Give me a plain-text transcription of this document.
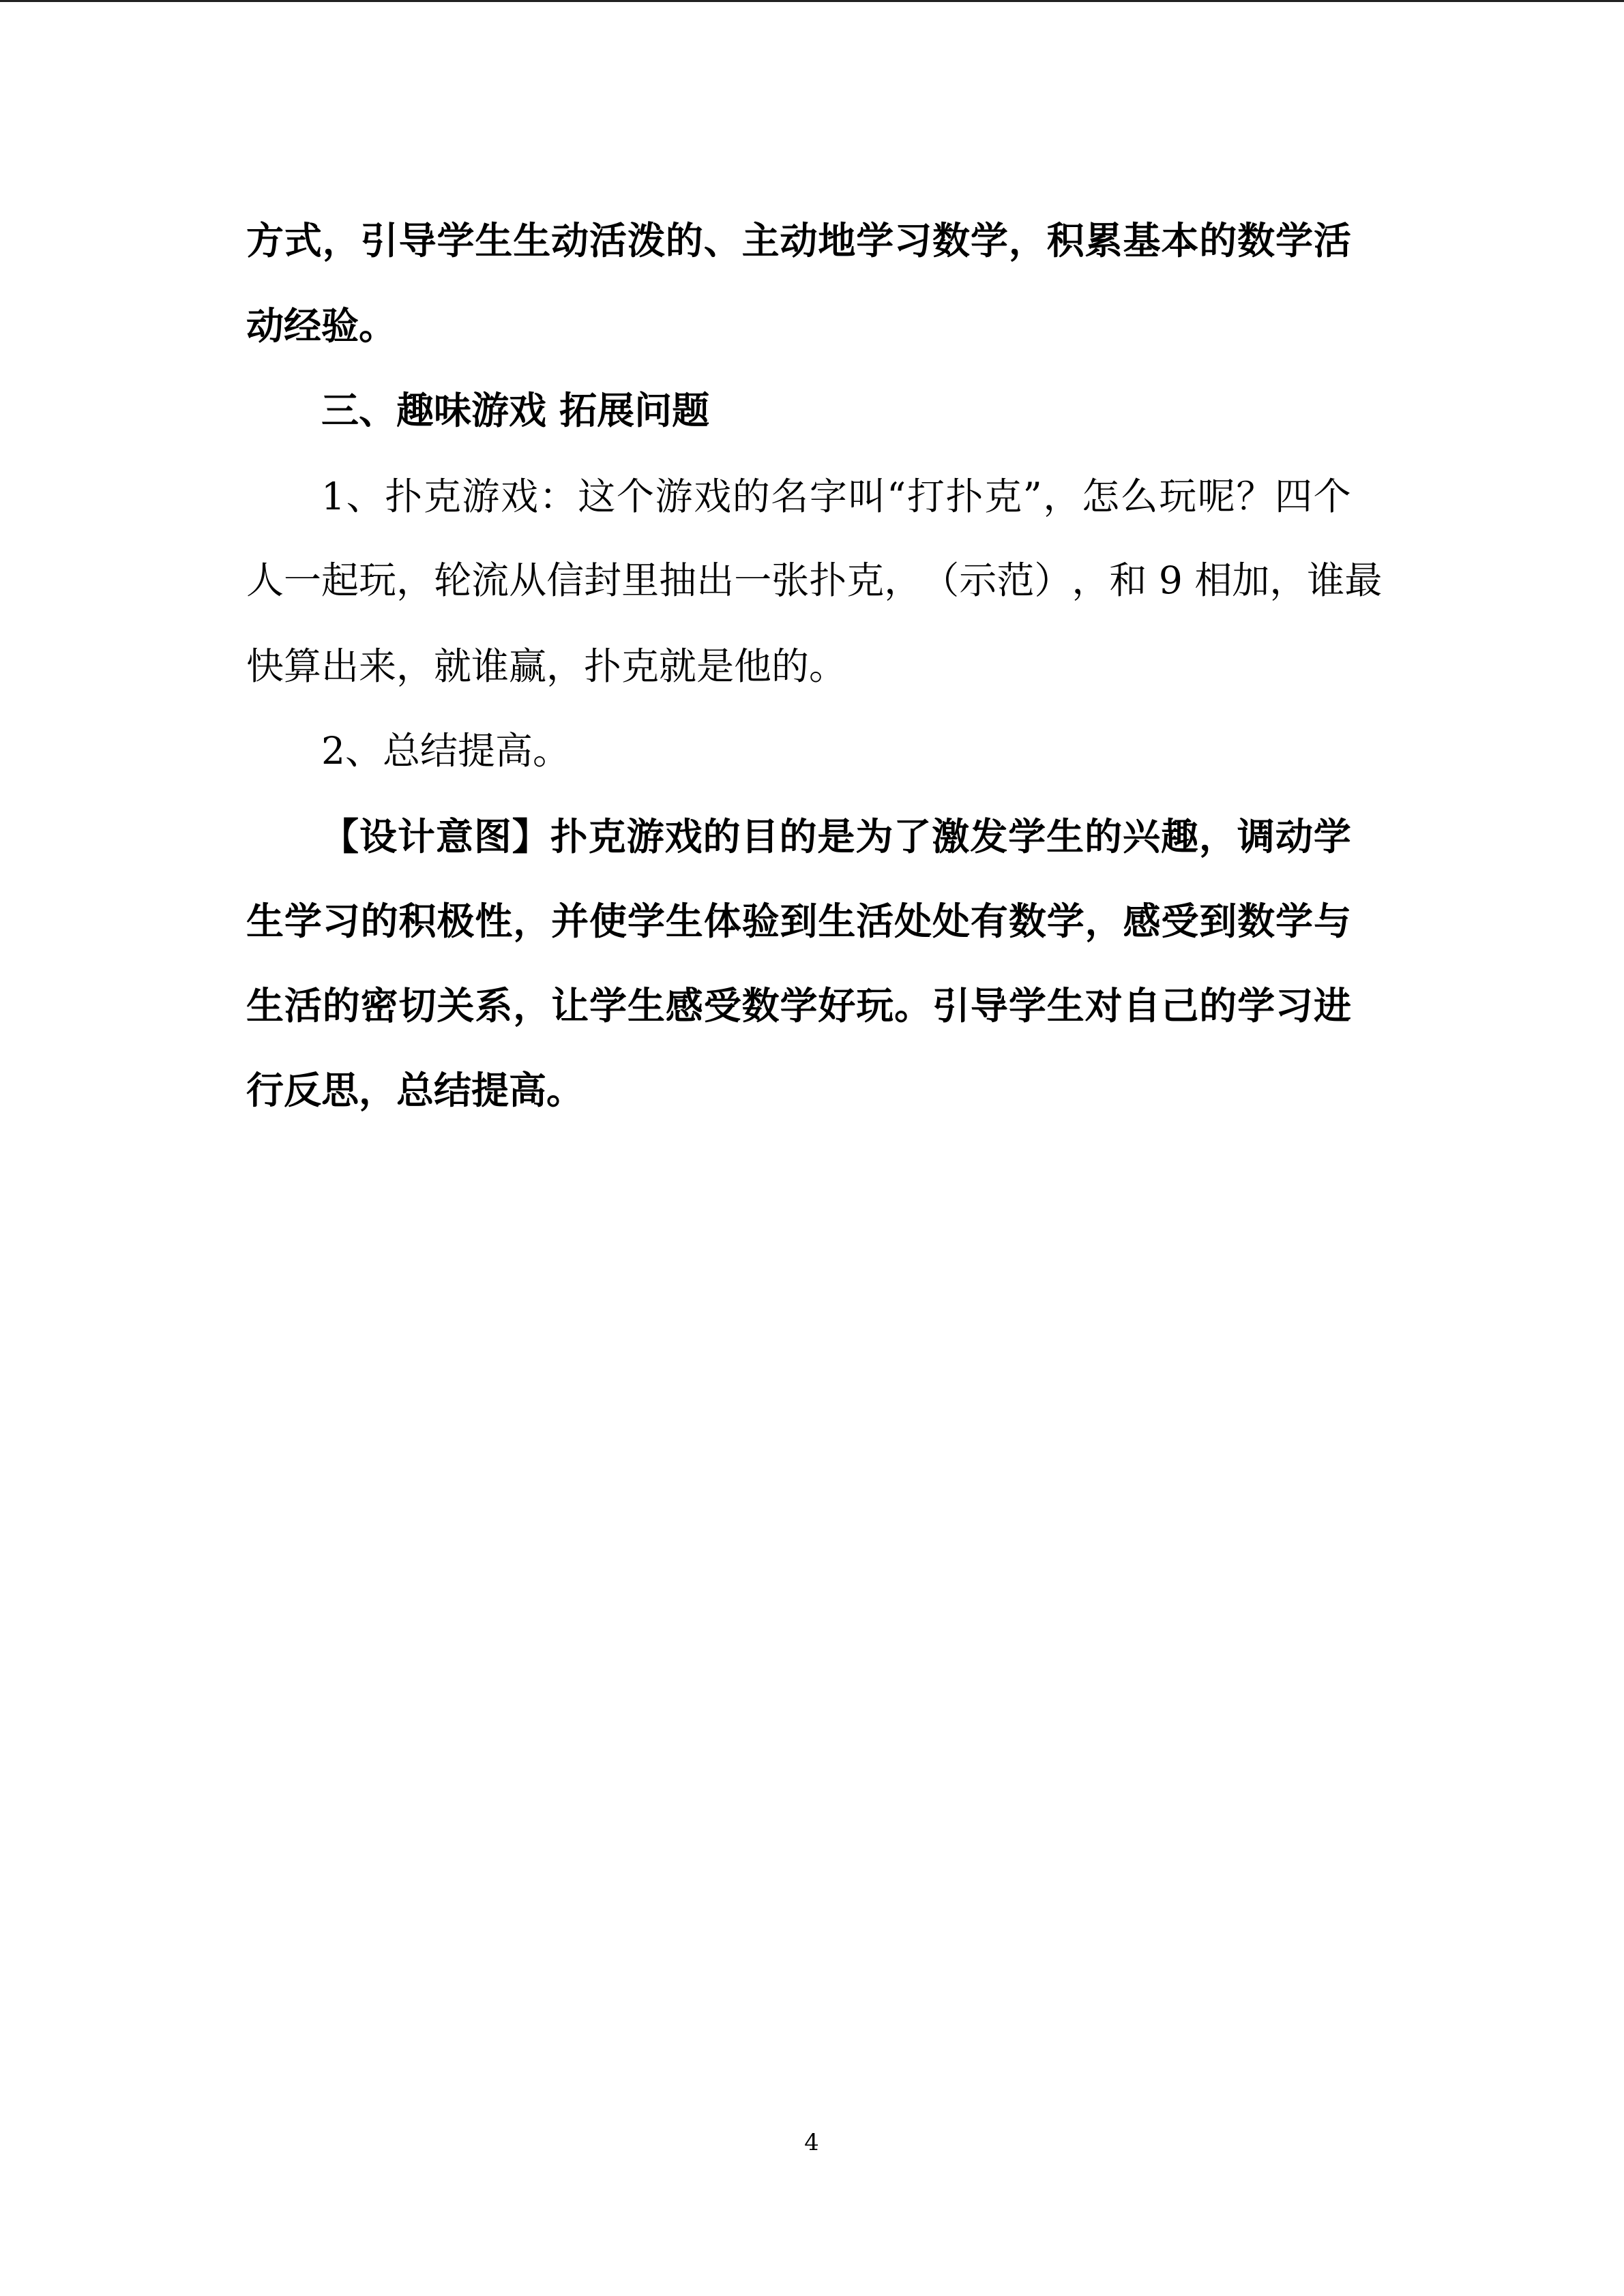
方 式 ， 引 导 学 生 生 动 活 泼 的 、 主 动 地 学 习 数 学 ， 积 累 基 本 的 数 学 活
动经验。
三、趣味游戏 拓展问题
1 、 扑 克 游 戏 ： 这 个 游 戏 的 名 字 叫 “ 打 扑 克 ” ， 怎 么 玩 呢 ？ 四 个
人 一 起 玩 ， 轮 流 从 信 封 里 抽 出 一 张 扑 克 ， （ 示 范 ） ， 和
9
相 加 ， 谁 最
快算出来，就谁赢，扑克就是他的。
2、总结提高。
【 设 计 意 图 】 扑 克 游 戏 的 目 的 是 为 了 激 发 学 生 的 兴 趣 ， 调 动 学
生 学 习 的 积 极 性 ， 并 使 学 生 体 验 到 生 活 处 处 有 数 学 ， 感 受 到 数 学 与
生 活 的 密 切 关 系 ， 让 学 生 感 受 数 学 好 玩 。 引 导 学 生 对 自 己 的 学 习 进
行反思，总结提高。
4
